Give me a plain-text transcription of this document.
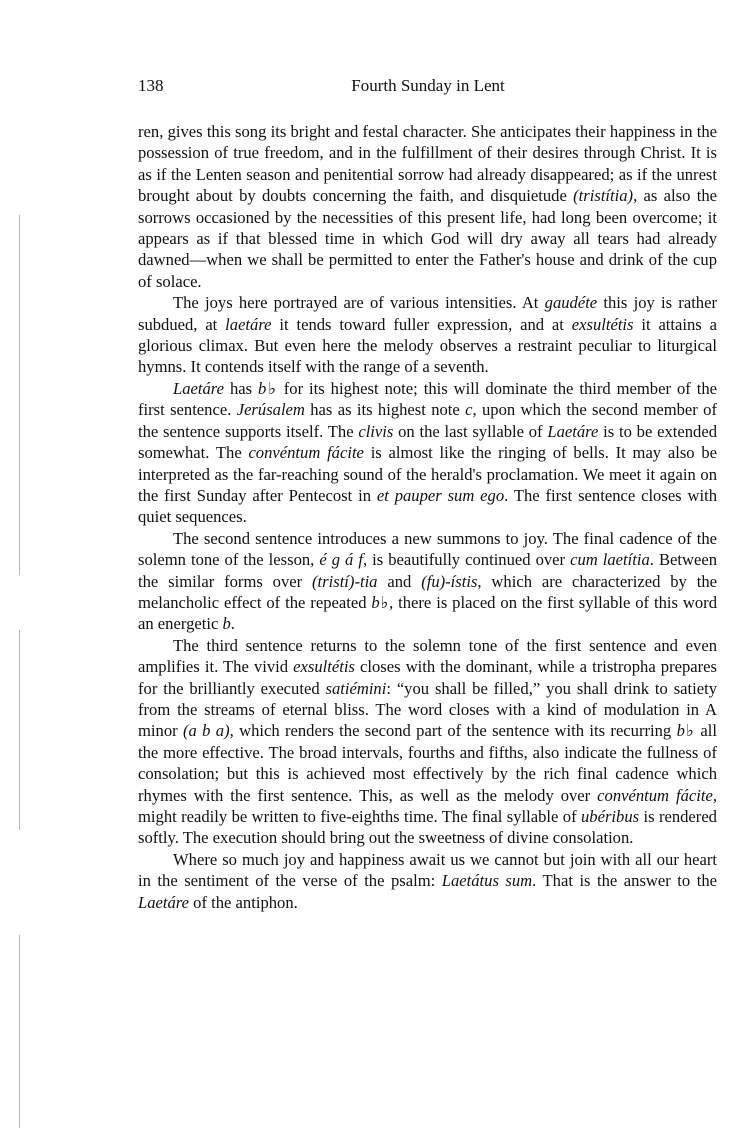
138	Fourth Sunday in Lent

ren, gives this song its bright and festal character. She anticipates their happiness in the possession of true freedom, and in the fulfillment of their desires through Christ. It is as if the Lenten season and penitential sorrow had already disappeared; as if the unrest brought about by doubts concerning the faith, and disquietude (tristítia), as also the sorrows occasioned by the necessities of this present life, had long been overcome; it appears as if that blessed time in which God will dry away all tears had already dawned—when we shall be permitted to enter the Father's house and drink of the cup of solace.

The joys here portrayed are of various intensities. At gaudéte this joy is rather subdued, at laetáre it tends toward fuller expression, and at exsultétis it attains a glorious climax. But even here the melody observes a restraint peculiar to liturgical hymns. It contends itself with the range of a seventh.

Laetáre has b♭ for its highest note; this will dominate the third member of the first sentence. Jerúsalem has as its highest note c, upon which the second member of the sentence supports itself. The clivis on the last syllable of Laetáre is to be extended somewhat. The convéntum fácite is almost like the ringing of bells. It may also be interpreted as the far-reaching sound of the herald's proclamation. We meet it again on the first Sunday after Pentecost in et pauper sum ego. The first sentence closes with quiet sequences.

The second sentence introduces a new summons to joy. The final cadence of the solemn tone of the lesson, é g á f, is beautifully continued over cum laetítia. Between the similar forms over (tristí)-tia and (fu)-ístis, which are characterized by the melancholic effect of the repeated b♭, there is placed on the first syllable of this word an energetic b.

The third sentence returns to the solemn tone of the first sentence and even amplifies it. The vivid exsultétis closes with the dominant, while a tristropha prepares for the brilliantly executed satiémini: “you shall be filled,” you shall drink to satiety from the streams of eternal bliss. The word closes with a kind of modulation in A minor (a b a), which renders the second part of the sentence with its recurring b♭ all the more effective. The broad intervals, fourths and fifths, also indicate the fullness of consolation; but this is achieved most effectively by the rich final cadence which rhymes with the first sentence. This, as well as the melody over convéntum fácite, might readily be written to five-eighths time. The final syllable of ubéribus is rendered softly. The execution should bring out the sweetness of divine consolation.

Where so much joy and happiness await us we cannot but join with all our heart in the sentiment of the verse of the psalm: Laetátus sum. That is the answer to the Laetáre of the antiphon.
